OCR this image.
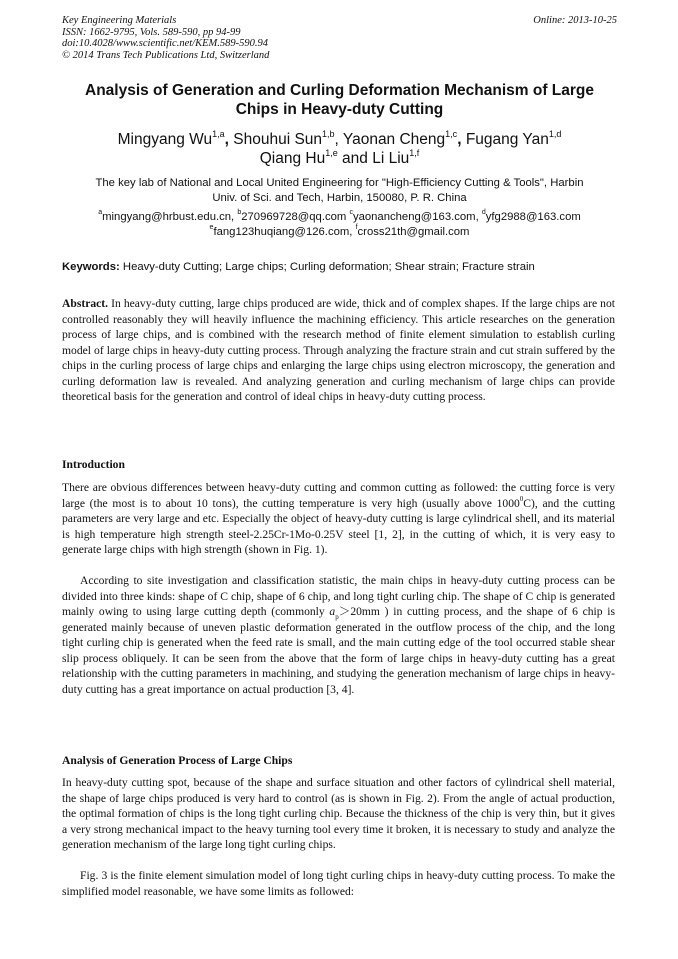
Key Engineering Materials
ISSN: 1662-9795, Vols. 589-590, pp 94-99
doi:10.4028/www.scientific.net/KEM.589-590.94
© 2014 Trans Tech Publications Ltd, Switzerland
Online: 2013-10-25
Analysis of Generation and Curling Deformation Mechanism of Large
Chips in Heavy-duty Cutting
Mingyang Wu$^{1,a}$, Shouhui Sun$^{1,b}$, Yaonan Cheng$^{1,c}$, Fugang Yan$^{1,d}$
Qiang Hu$^{1,e}$ and Li Liu$^{1,f}$
The key lab of National and Local United Engineering for "High-Efficiency Cutting & Tools", Harbin
Univ. of Sci. and Tech, Harbin, 150080, P. R. China
$^a$mingyang@hrbust.edu.cn, $^b$270969728@qq.com $^c$yaonancheng@163.com, $^d$yfg2988@163.com
$^e$fang123huqiang@126.com, $^f$cross21th@gmail.com
Keywords: Heavy-duty Cutting; Large chips; Curling deformation; Shear strain; Fracture strain

Abstract. In heavy-duty cutting, large chips produced are wide, thick and of complex shapes. If the large chips are not controlled reasonably they will heavily influence the machining efficiency. This article researches on the generation process of large chips, and is combined with the research method of finite element simulation to establish curling model of large chips in heavy-duty cutting process. Through analyzing the fracture strain and cut strain suffered by the chips in the curling process of large chips and enlarging the large chips using electron microscopy, the generation and curling deformation law is revealed. And analyzing generation and curling mechanism of large chips can provide theoretical basis for the generation and control of ideal chips in heavy-duty cutting process.

Introduction

There are obvious differences between heavy-duty cutting and common cutting as followed: the cutting force is very large (the most is to about 10 tons), the cutting temperature is very high (usually above 1000$^0$C), and the cutting parameters are very large and etc. Especially the object of heavy-duty cutting is large cylindrical shell, and its material is high temperature high strength steel-2.25Cr-1Mo-0.25V steel [1, 2], in the cutting of which, it is very easy to generate large chips with high strength (shown in Fig. 1).

According to site investigation and classification statistic, the main chips in heavy-duty cutting process can be divided into three kinds: shape of C chip, shape of 6 chip, and long tight curling chip. The shape of C chip is generated mainly owing to using large cutting depth (commonly $a_p>20mm$ ) in cutting process, and the shape of 6 chip is generated mainly because of uneven plastic deformation generated in the outflow process of the chip, and the long tight curling chip is generated when the feed rate is small, and the main cutting edge of the tool occurred stable shear slip process obliquely. It can be seen from the above that the form of large chips in heavy-duty cutting has a great relationship with the cutting parameters in machining, and studying the generation mechanism of large chips in heavy-duty cutting has a great importance on actual production [3, 4].

Analysis of Generation Process of Large Chips

In heavy-duty cutting spot, because of the shape and surface situation and other factors of cylindrical shell material, the shape of large chips produced is very hard to control (as is shown in Fig. 2). From the angle of actual production, the optimal formation of chips is the long tight curling chip. Because the thickness of the chip is very thin, but it gives a very strong mechanical impact to the heavy turning tool every time it broken, it is necessary to study and analyze the generation mechanism of the large long tight curling chips.

Fig. 3 is the finite element simulation model of long tight curling chips in heavy-duty cutting process. To make the simplified model reasonable, we have some limits as followed:
